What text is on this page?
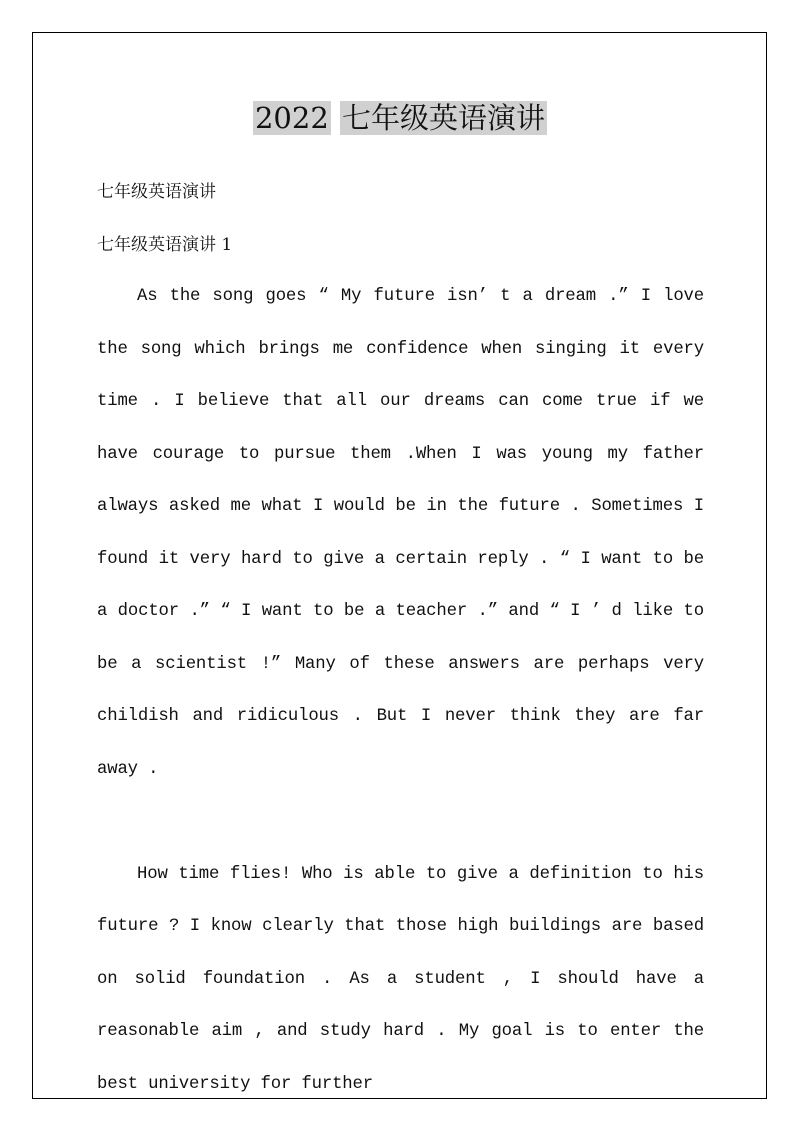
2022 七年级英语演讲

七年级英语演讲

七年级英语演讲 1

As the song goes “ My future isn’ t a dream .” I love the song which brings me confidence when singing it every time . I believe that all our dreams can come true if we have courage to pursue them .When I was young my father always asked me what I would be in the future . Sometimes I found it very hard to give a certain reply . “ I want to be a doctor .” “ I want to be a teacher .” and “ I ’ d like to be a scientist !” Many of these answers are perhaps very childish and ridiculous . But I never think they are far away .

How time flies! Who is able to give a definition to his future ? I know clearly that those high buildings are based on solid foundation . As a student , I should have a reasonable aim , and study hard . My goal is to enter the best university for further
